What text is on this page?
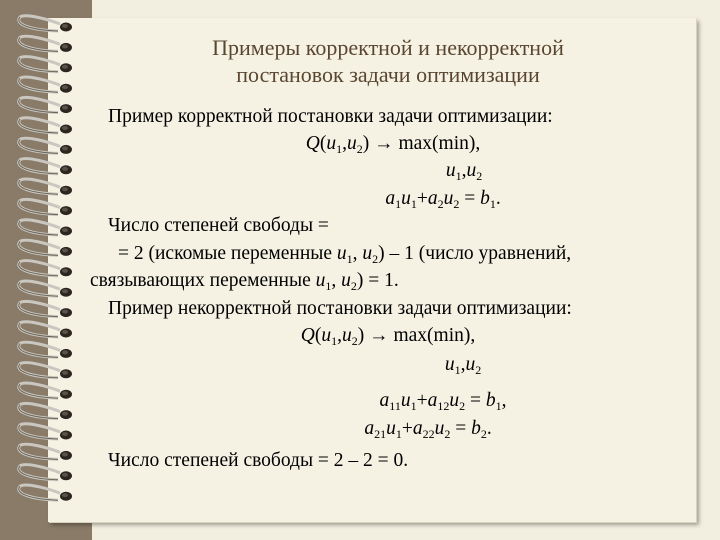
Примеры корректной и некорректной
постановок задачи оптимизации
Пример корректной постановки задачи оптимизации:
$Q(u_1,u_2) \to \max(\min)$,
$u_1,u_2$
$a_1u_1+a_2u_2 = b_1$.
Число степеней свободы =
= 2 (искомые переменные $u_1$, $u_2) - 1$ (число уравнений,
связывающих переменные $u_1$, $u_2) = 1$.
Пример некорректной постановки задачи оптимизации:
$Q(u_1,u_2) \to \max(\min)$,
$u_1,u_2$
$a_{11}u_1+a_{12}u_2 = b_1$,
$a_{21}u_1+a_{22}u_2 = b_2$.
Число степеней свободы = 2 – 2 = 0.
